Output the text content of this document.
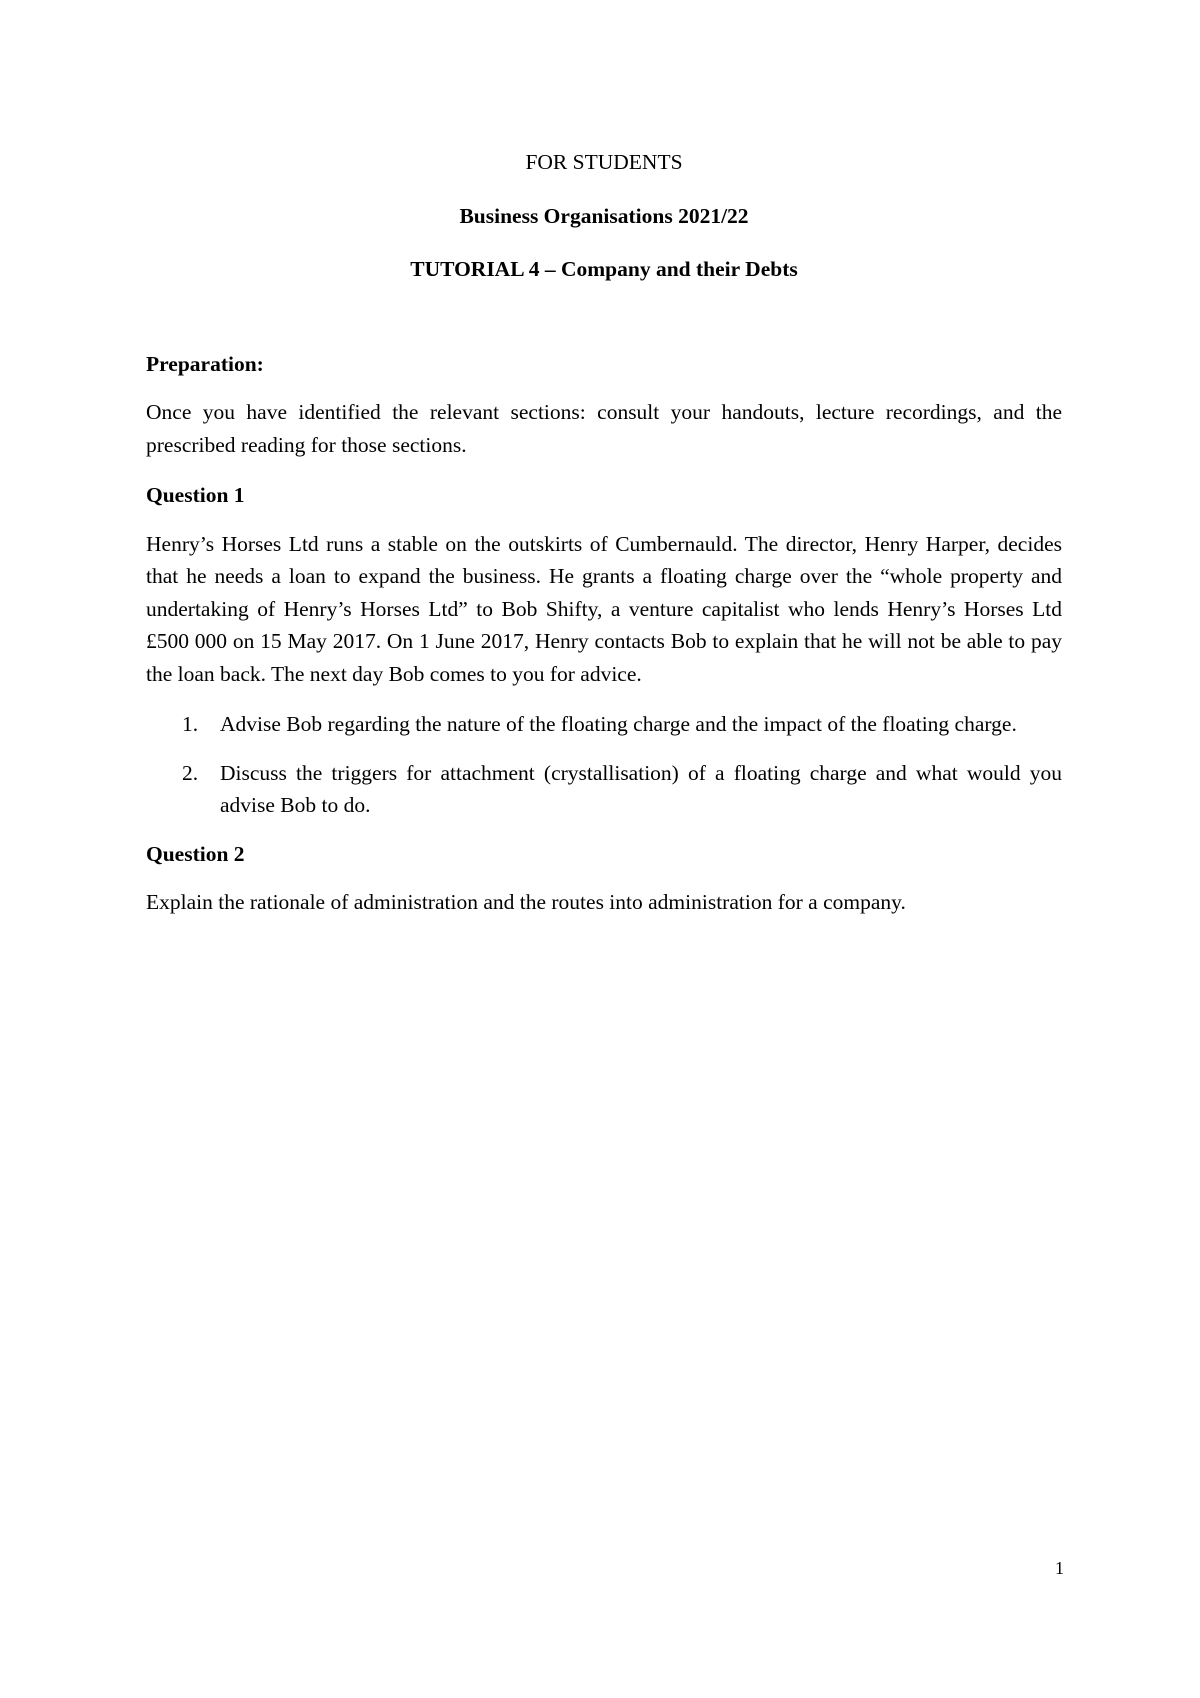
FOR STUDENTS

Business Organisations 2021/22

TUTORIAL 4 – Company and their Debts

Preparation:

Once you have identified the relevant sections: consult your handouts, lecture recordings, and the prescribed reading for those sections.

Question 1

Henry’s Horses Ltd runs a stable on the outskirts of Cumbernauld. The director, Henry Harper, decides that he needs a loan to expand the business. He grants a floating charge over the “whole property and undertaking of Henry’s Horses Ltd” to Bob Shifty, a venture capitalist who lends Henry’s Horses Ltd £500 000 on 15 May 2017. On 1 June 2017, Henry contacts Bob to explain that he will not be able to pay the loan back. The next day Bob comes to you for advice.

1. Advise Bob regarding the nature of the floating charge and the impact of the floating charge.
2. Discuss the triggers for attachment (crystallisation) of a floating charge and what would you advise Bob to do.
Question 2

Explain the rationale of administration and the routes into administration for a company.

1
